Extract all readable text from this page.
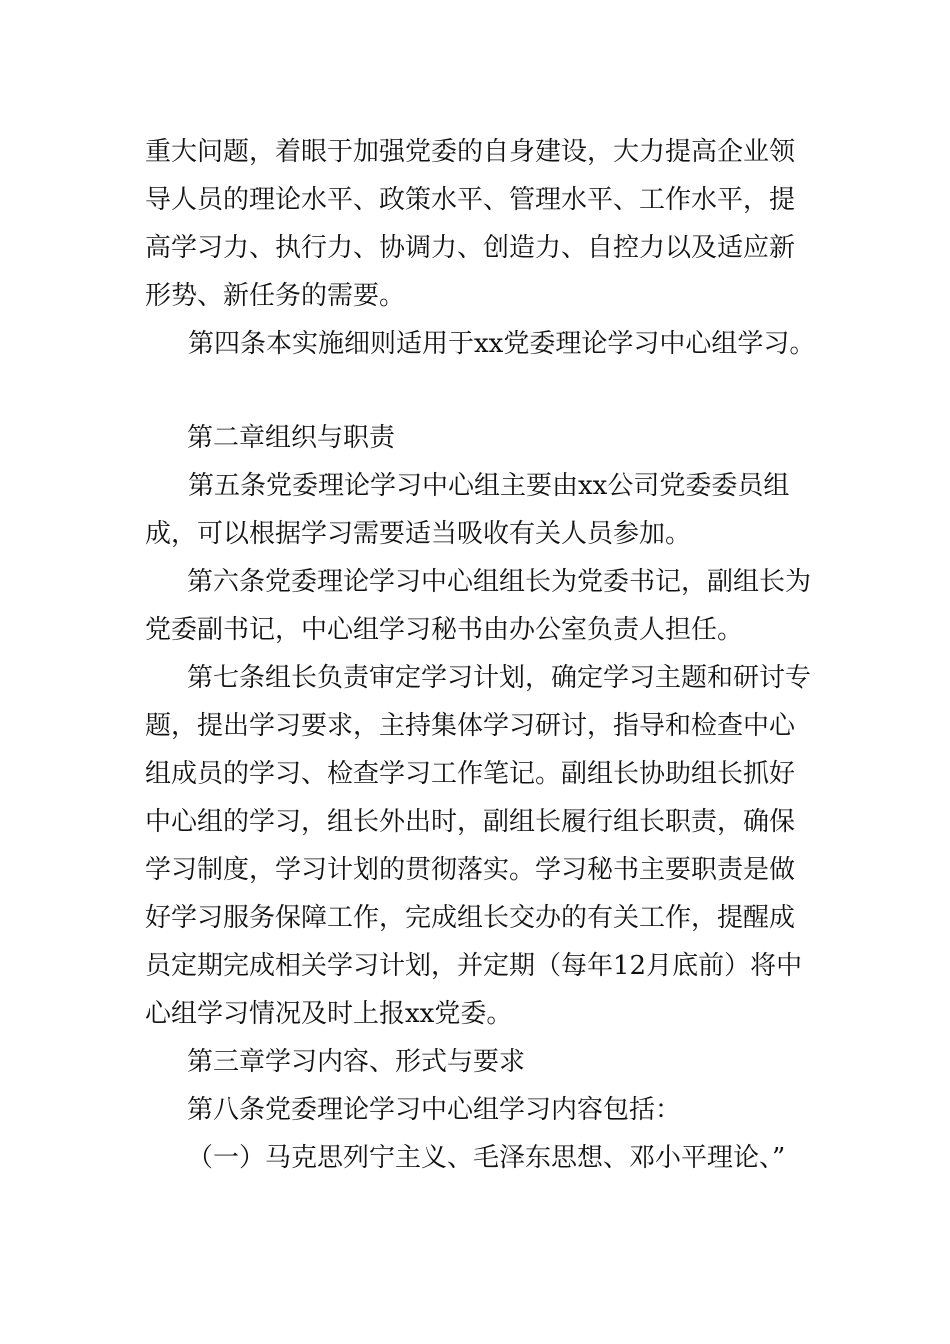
重大问题，着眼于加强党委的自身建设，大力提高企业领
导人员的理论水平、政策水平、管理水平、工作水平，提
高学习力、执行力、协调力、创造力、自控力以及适应新
形势、新任务的需要。
第四条本实施细则适用于xx党委理论学习中心组学习。
第二章组织与职责
第五条党委理论学习中心组主要由xx公司党委委员组
成，可以根据学习需要适当吸收有关人员参加。
第六条党委理论学习中心组组长为党委书记，副组长为
党委副书记，中心组学习秘书由办公室负责人担任。
第七条组长负责审定学习计划，确定学习主题和研讨专
题，提出学习要求，主持集体学习研讨，指导和检查中心
组成员的学习、检查学习工作笔记。副组长协助组长抓好
中心组的学习，组长外出时，副组长履行组长职责，确保
学习制度，学习计划的贯彻落实。学习秘书主要职责是做
好学习服务保障工作，完成组长交办的有关工作，提醒成
员定期完成相关学习计划，并定期（每年12月底前）将中
心组学习情况及时上报xx党委。
第三章学习内容、形式与要求
第八条党委理论学习中心组学习内容包括：
（一）马克思列宁主义、毛泽东思想、邓小平理论、”
